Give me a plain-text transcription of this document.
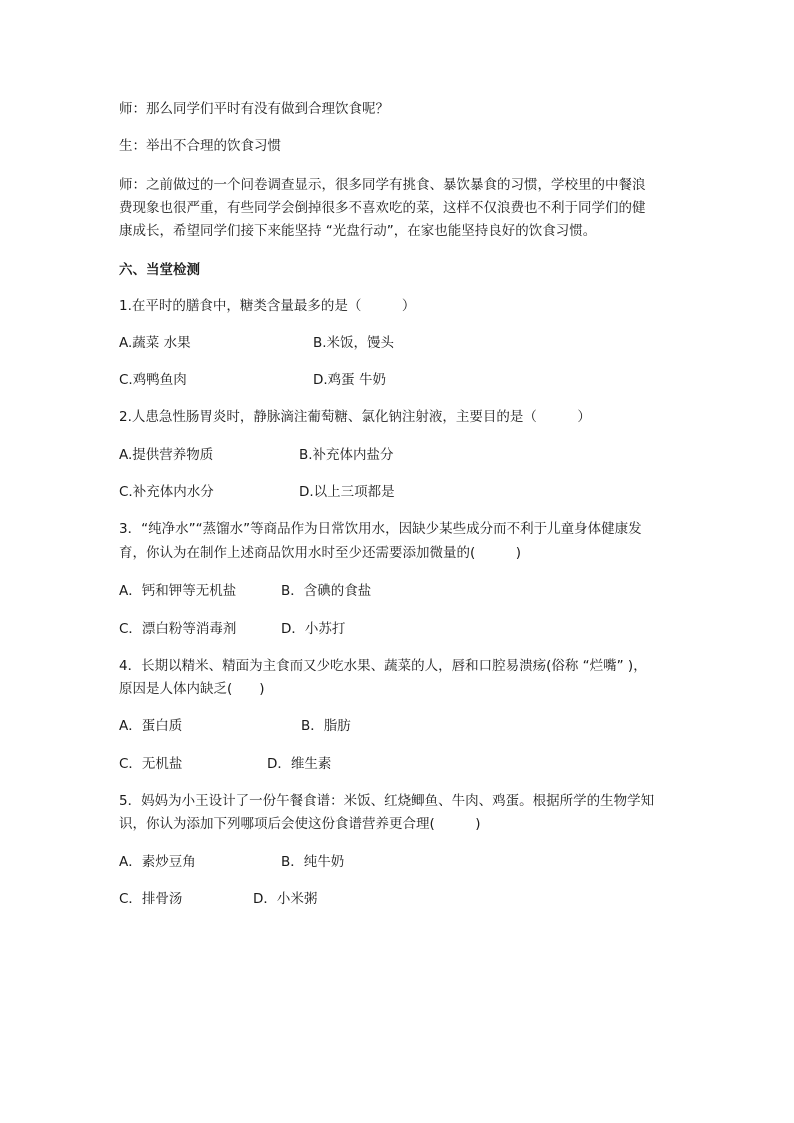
师：那么同学们平时有没有做到合理饮食呢？
生：举出不合理的饮食习惯
师：之前做过的一个问卷调查显示，很多同学有挑食、暴饮暴食的习惯，学校里的中餐浪
费现象也很严重，有些同学会倒掉很多不喜欢吃的菜，这样不仅浪费也不利于同学们的健
康成长，希望同学们接下来能坚持 “光盘行动”，在家也能坚持良好的饮食习惯。
六、当堂检测
1.在平时的膳食中，糖类含量最多的是（　　　）
A.蔬菜 水果	B.米饭，馒头
C.鸡鸭鱼肉	D.鸡蛋 牛奶
2.人患急性肠胃炎时，静脉滴注葡萄糖、氯化钠注射液，主要目的是（　　　）
A.提供营养物质	B.补充体内盐分
C.补充体内水分	D.以上三项都是
3．“纯净水”“蒸馏水”等商品作为日常饮用水，因缺少某些成分而不利于儿童身体健康发
育，你认为在制作上述商品饮用水时至少还需要添加微量的(　　　)
A．钙和钾等无机盐	B．含碘的食盐
C．漂白粉等消毒剂	D．小苏打
4．长期以精米、精面为主食而又少吃水果、蔬菜的人，唇和口腔易溃疡(俗称 “烂嘴” )，
原因是人体内缺乏(　　)
A．蛋白质	B．脂肪
C．无机盐	D．维生素
5．妈妈为小王设计了一份午餐食谱：米饭、红烧鲫鱼、牛肉、鸡蛋。根据所学的生物学知
识，你认为添加下列哪项后会使这份食谱营养更合理(　　　)
A．素炒豆角	B．纯牛奶
C．排骨汤	D．小米粥
